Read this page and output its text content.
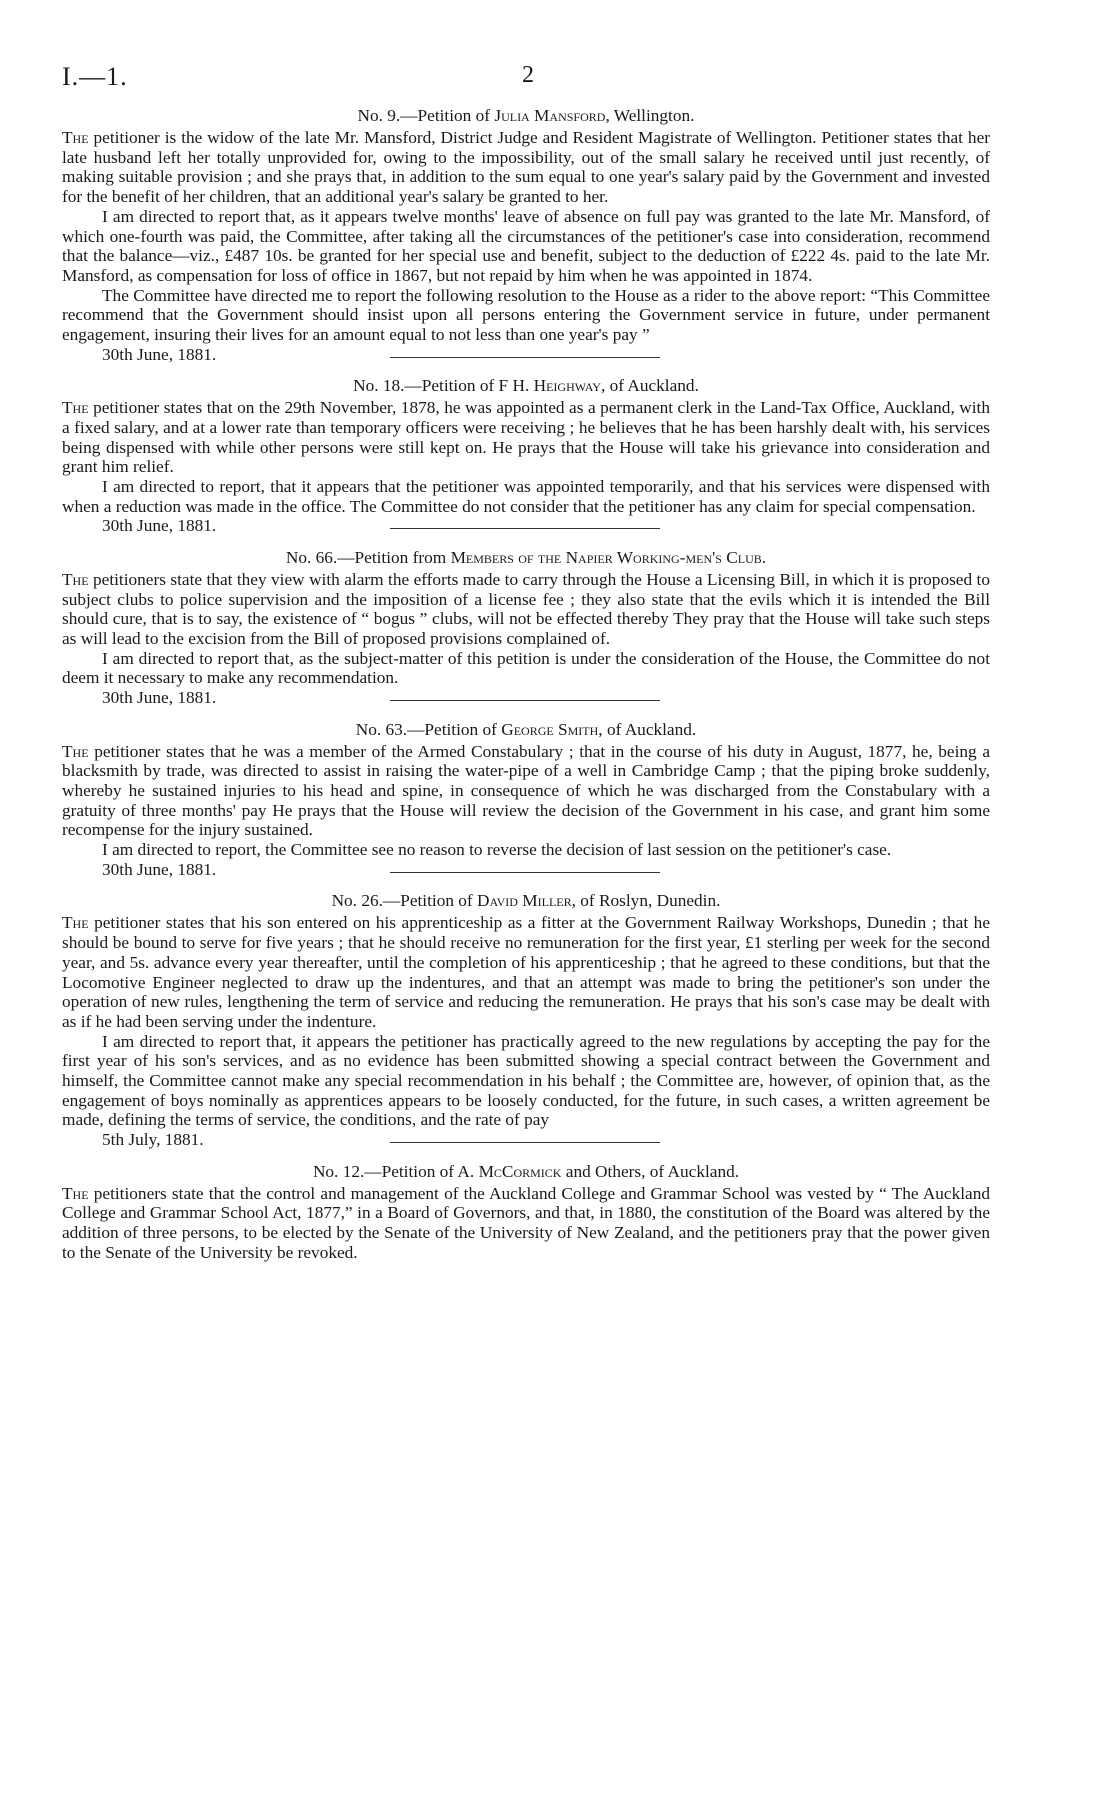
I.—1.	2
No. 9.—Petition of Julia Mansford, Wellington.

The petitioner is the widow of the late Mr. Mansford, District Judge and Resident Magistrate of Wellington. Petitioner states that her late husband left her totally unprovided for, owing to the impossibility, out of the small salary he received until just recently, of making suitable provision ; and she prays that, in addition to the sum equal to one year's salary paid by the Government and invested for the benefit of her children, that an additional year's salary be granted to her.

I am directed to report that, as it appears twelve months' leave of absence on full pay was granted to the late Mr. Mansford, of which one-fourth was paid, the Committee, after taking all the circumstances of the petitioner's case into consideration, recommend that the balance—viz., £487 10s. be granted for her special use and benefit, subject to the deduction of £222 4s. paid to the late Mr. Mansford, as compensation for loss of office in 1867, but not repaid by him when he was appointed in 1874.

The Committee have directed me to report the following resolution to the House as a rider to the above report: “This Committee recommend that the Government should insist upon all persons entering the Government service in future, under permanent engagement, insuring their lives for an amount equal to not less than one year's pay ”

30th June, 1881.
No. 18.—Petition of F H. Heighway, of Auckland.

The petitioner states that on the 29th November, 1878, he was appointed as a permanent clerk in the Land-Tax Office, Auckland, with a fixed salary, and at a lower rate than temporary officers were receiving ; he believes that he has been harshly dealt with, his services being dispensed with while other persons were still kept on. He prays that the House will take his grievance into consideration and grant him relief.

I am directed to report, that it appears that the petitioner was appointed temporarily, and that his services were dispensed with when a reduction was made in the office. The Committee do not consider that the petitioner has any claim for special compensation.

30th June, 1881.
No. 66.—Petition from Members of the Napier Working-men's Club.

The petitioners state that they view with alarm the efforts made to carry through the House a Licensing Bill, in which it is proposed to subject clubs to police supervision and the imposition of a license fee ; they also state that the evils which it is intended the Bill should cure, that is to say, the existence of “ bogus ” clubs, will not be effected thereby They pray that the House will take such steps as will lead to the excision from the Bill of proposed provisions complained of.

I am directed to report that, as the subject-matter of this petition is under the consideration of the House, the Committee do not deem it necessary to make any recommendation.

30th June, 1881.
No. 63.—Petition of George Smith, of Auckland.

The petitioner states that he was a member of the Armed Constabulary ; that in the course of his duty in August, 1877, he, being a blacksmith by trade, was directed to assist in raising the water-pipe of a well in Cambridge Camp ; that the piping broke suddenly, whereby he sustained injuries to his head and spine, in consequence of which he was discharged from the Constabulary with a gratuity of three months' pay He prays that the House will review the decision of the Government in his case, and grant him some recompense for the injury sustained.

I am directed to report, the Committee see no reason to reverse the decision of last session on the petitioner's case.

30th June, 1881.
No. 26.—Petition of David Miller, of Roslyn, Dunedin.

The petitioner states that his son entered on his apprenticeship as a fitter at the Government Railway Workshops, Dunedin ; that he should be bound to serve for five years ; that he should receive no remuneration for the first year, £1 sterling per week for the second year, and 5s. advance every year thereafter, until the completion of his apprenticeship ; that he agreed to these conditions, but that the Locomotive Engineer neglected to draw up the indentures, and that an attempt was made to bring the petitioner's son under the operation of new rules, lengthening the term of service and reducing the remuneration. He prays that his son's case may be dealt with as if he had been serving under the indenture.

I am directed to report that, it appears the petitioner has practically agreed to the new regulations by accepting the pay for the first year of his son's services, and as no evidence has been submitted showing a special contract between the Government and himself, the Committee cannot make any special recommendation in his behalf ; the Committee are, however, of opinion that, as the engagement of boys nominally as apprentices appears to be loosely conducted, for the future, in such cases, a written agreement be made, defining the terms of service, the conditions, and the rate of pay

5th July, 1881.
No. 12.—Petition of A. McCormick and Others, of Auckland.

The petitioners state that the control and management of the Auckland College and Grammar School was vested by “ The Auckland College and Grammar School Act, 1877,” in a Board of Governors, and that, in 1880, the constitution of the Board was altered by the addition of three persons, to be elected by the Senate of the University of New Zealand, and the petitioners pray that the power given to the Senate of the University be revoked.
